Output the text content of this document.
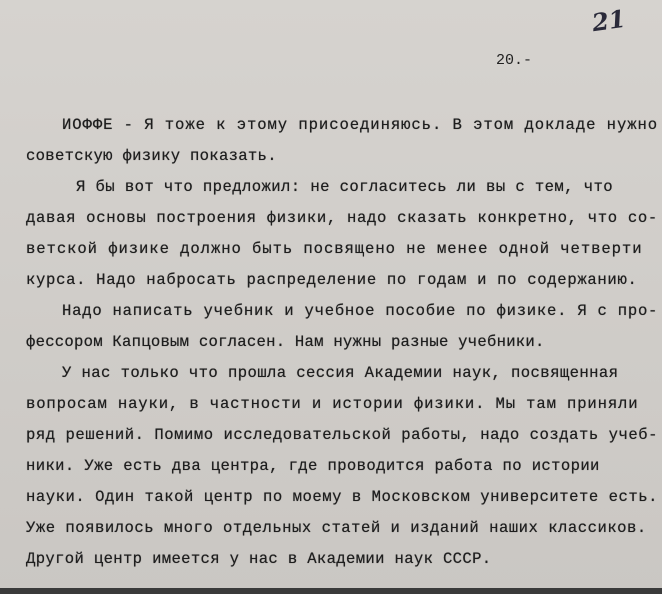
21
20.-
ИОФФЕ - Я тоже к этому присоединяюсь. В этом докладе нужно
советскую физику показать.
Я бы вот что предложил: не согласитесь ли вы с тем, что
давая основы построения физики, надо сказать конкретно, что со-
ветской физике должно быть посвящено не менее одной четверти
курса. Надо набросать распределение по годам и по содержанию.
Надо написать учебник и учебное пособие по физике. Я с про-
фессором Капцовым согласен. Нам нужны разные учебники.
У нас только что прошла сессия Академии наук, посвященная
вопросам науки, в частности и истории физики. Мы там приняли
ряд решений. Помимо исследовательской работы, надо создать учеб-
ники. Уже есть два центра, где проводится работа по истории
науки. Один такой центр по моему в Московском университете есть.
Уже появилось много отдельных статей и изданий наших классиков.
Другой центр имеется у нас в Академии наук СССР.
